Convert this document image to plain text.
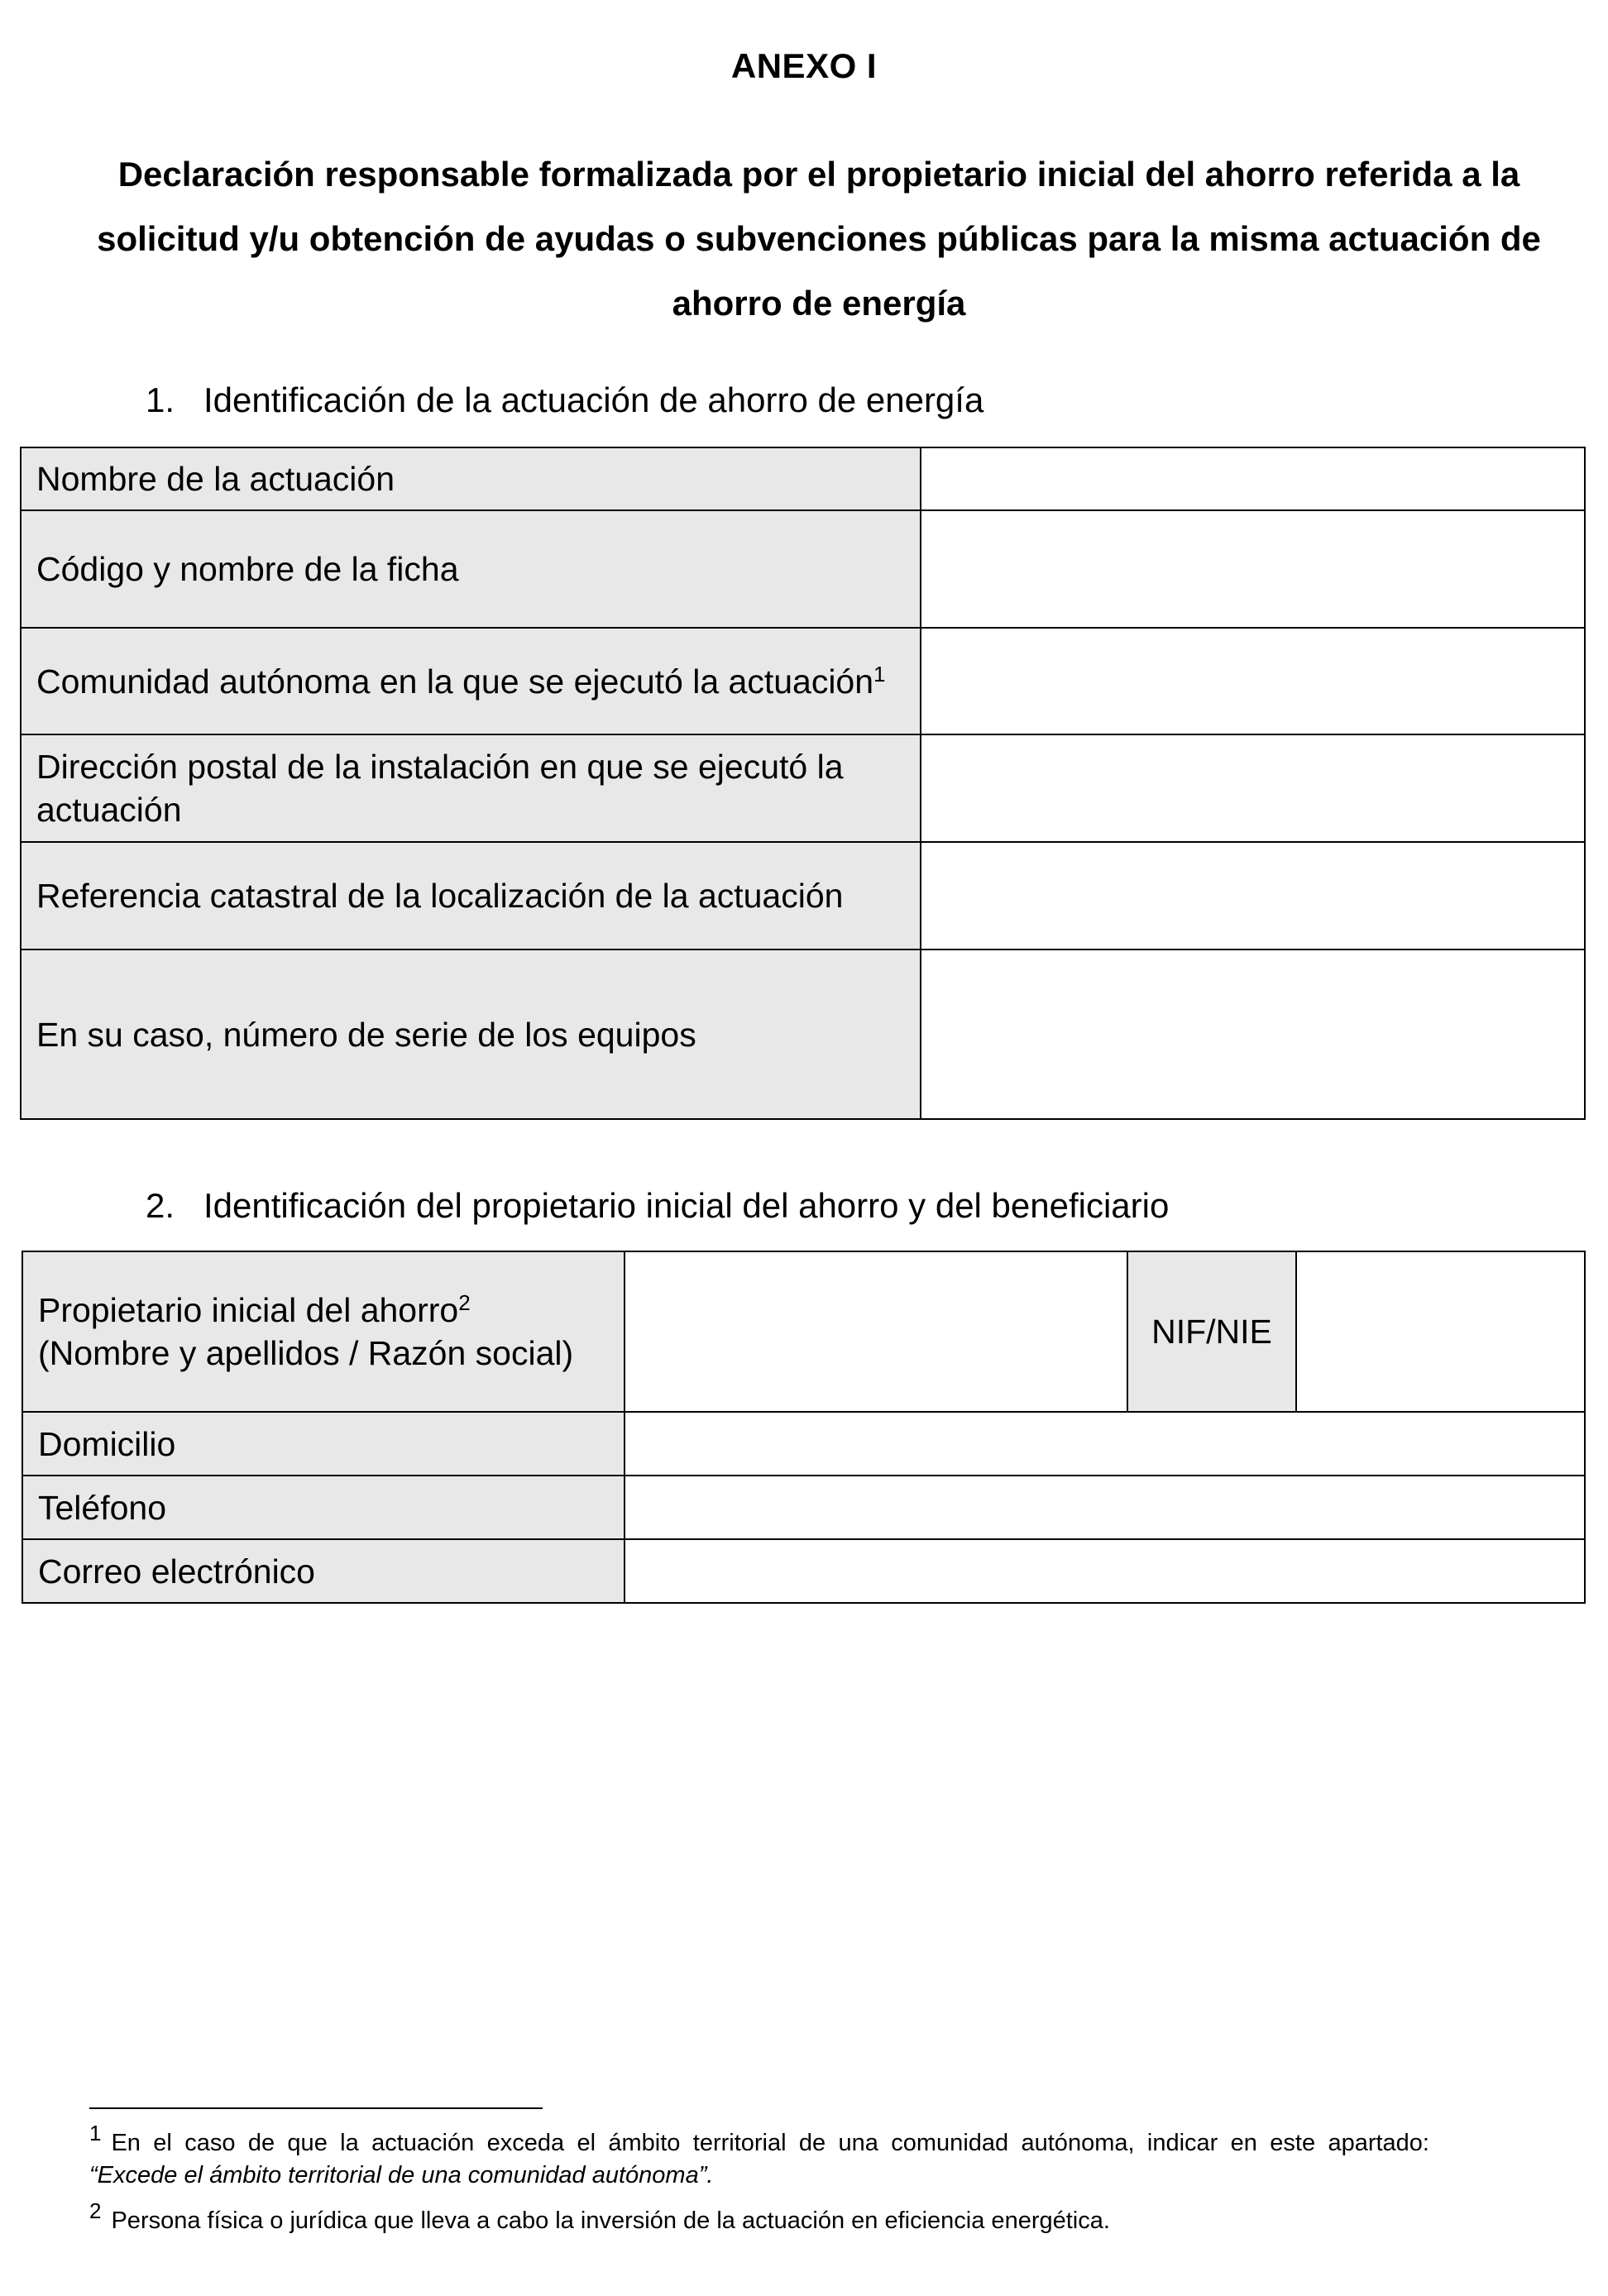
ANEXO I
Declaración responsable formalizada por el propietario inicial del ahorro referida a la solicitud y/u obtención de ayudas o subvenciones públicas para la misma actuación de ahorro de energía
1. Identificación de la actuación de ahorro de energía
Nombre de la actuación	
Código y nombre de la ficha	
Comunidad autónoma en la que se ejecutó la actuación$^1$	
Dirección postal de la instalación en que se ejecutó la actuación	
Referencia catastral de la localización de la actuación	
En su caso, número de serie de los equipos	
2. Identificación del propietario inicial del ahorro y del beneficiario
Propietario inicial del ahorro$^2$
(Nombre y apellidos / Razón social)		NIF/NIE	
Domicilio			
Teléfono			
Correo electrónico			

1 En el caso de que la actuación exceda el ámbito territorial de una comunidad autónoma, indicar en este apartado:
“Excede el ámbito territorial de una comunidad autónoma”.

2 Persona física o jurídica que lleva a cabo la inversión de la actuación en eficiencia energética.
